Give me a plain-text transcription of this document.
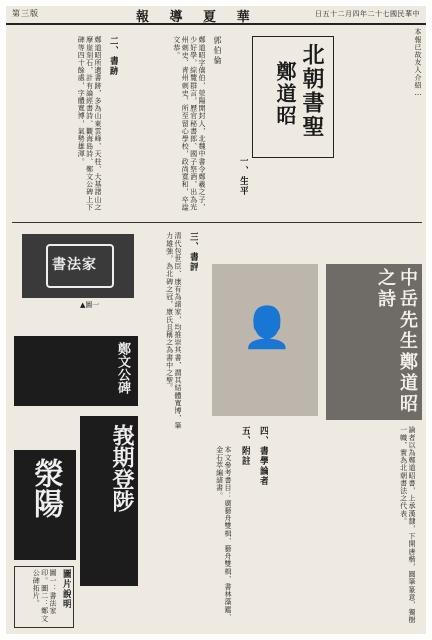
第三版	報 導 夏 華	日五十二月四年二十七國民華中
本報已故友人介紹…
北朝書聖
鄭道昭
郭伯倫
一、生平
鄭道昭字僖伯，滎陽開封人，北魏中書令鄭羲之子，少好學，綜覽群言，歷官秘書郎、國子祭酒，出為光州刺史、青州刺史，所至留心學校，政尚寬和，卒諡文恭。
二、書跡
鄭道昭所遺書跡，多為山東雲峰、天柱、大基諸山之摩崖刻石，計有論經書詩、觀海島詩、鄭文公碑上下碑等四十餘處，字體寬博，氣勢雄渾。
書法家
▲圖一
三、書評
清代包世臣、康有為諸家，均推崇其書，謂其結體寬博，筆力雄強，為北碑之冠，康氏且稱之為書中之聖。 👤	中岳先生鄭道昭之詩
四、書學論者	論者以為鄭道昭書，上承漢隸，下開唐楷，圓筆篆意，獨樹一幟，實為北朝書法之代表。
五、附註
本文參考書目：廣藝舟雙楫、藝舟雙楫、書林藻鑑、金石萃編諸書。
滎陽 峩期登陟
鄭文公碑
圖片說明
圖一：書法家印。圖二：鄭文公碑拓片。
